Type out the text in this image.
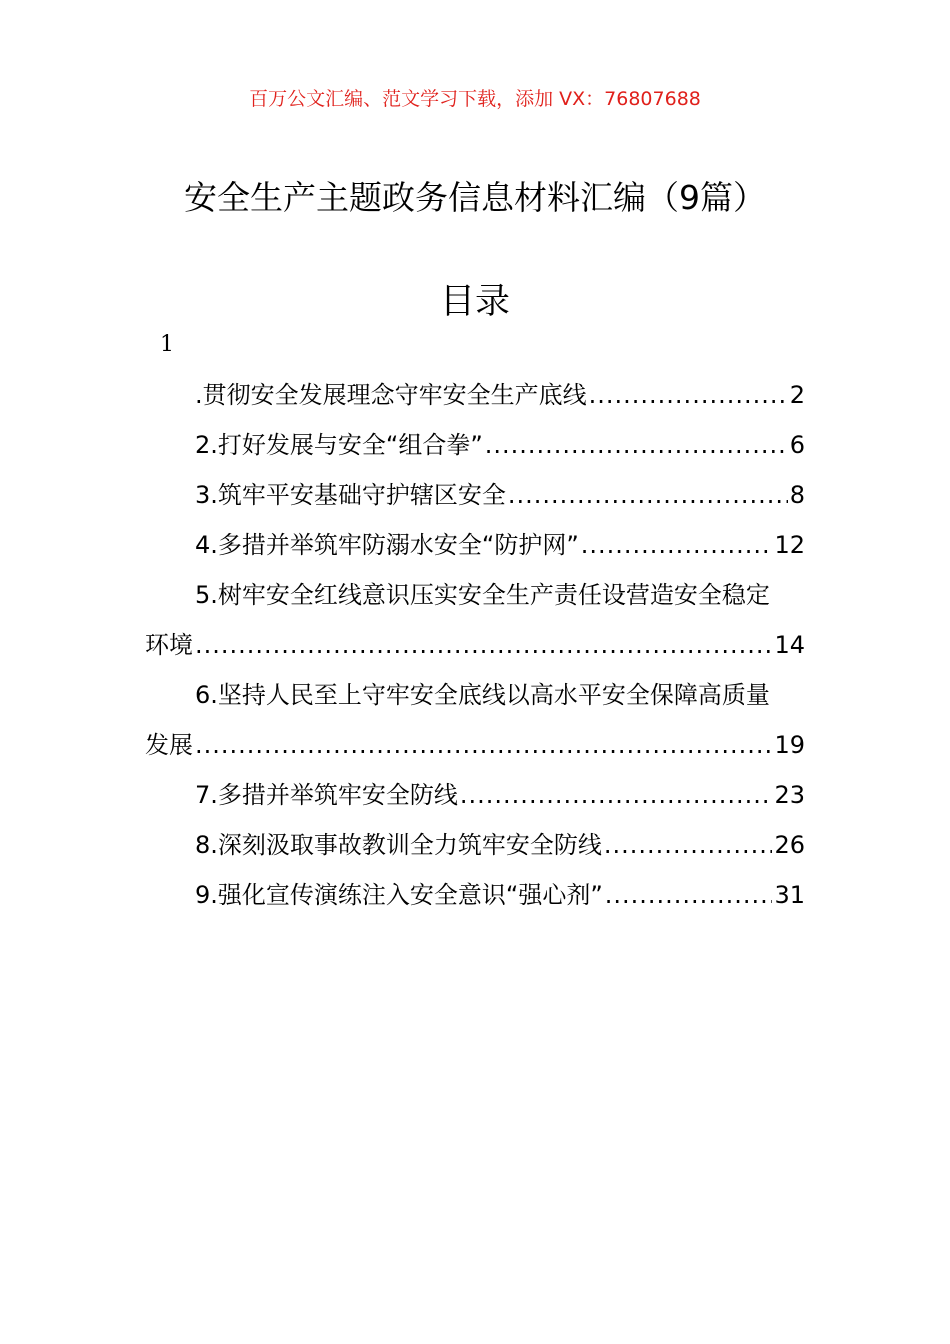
百万公文汇编、范文学习下载，添加 VX：76807688
安全生产主题政务信息材料汇编（9篇）
目录
1
.贯彻安全发展理念守牢安全生产底线 .....	2
2.打好发展与安全“组合拳” .....	6
3.筑牢平安基础守护辖区安全 .....	8
4.多措并举筑牢防溺水安全“防护网” .....	12
5.树牢安全红线意识压实安全生产责任设营造安全稳定
环境 .....	14
6.坚持人民至上守牢安全底线以高水平安全保障高质量
发展 .....	19
7.多措并举筑牢安全防线 .....	23
8.深刻汲取事故教训全力筑牢安全防线 .....	26
9.强化宣传演练注入安全意识“强心剂” .....	31
